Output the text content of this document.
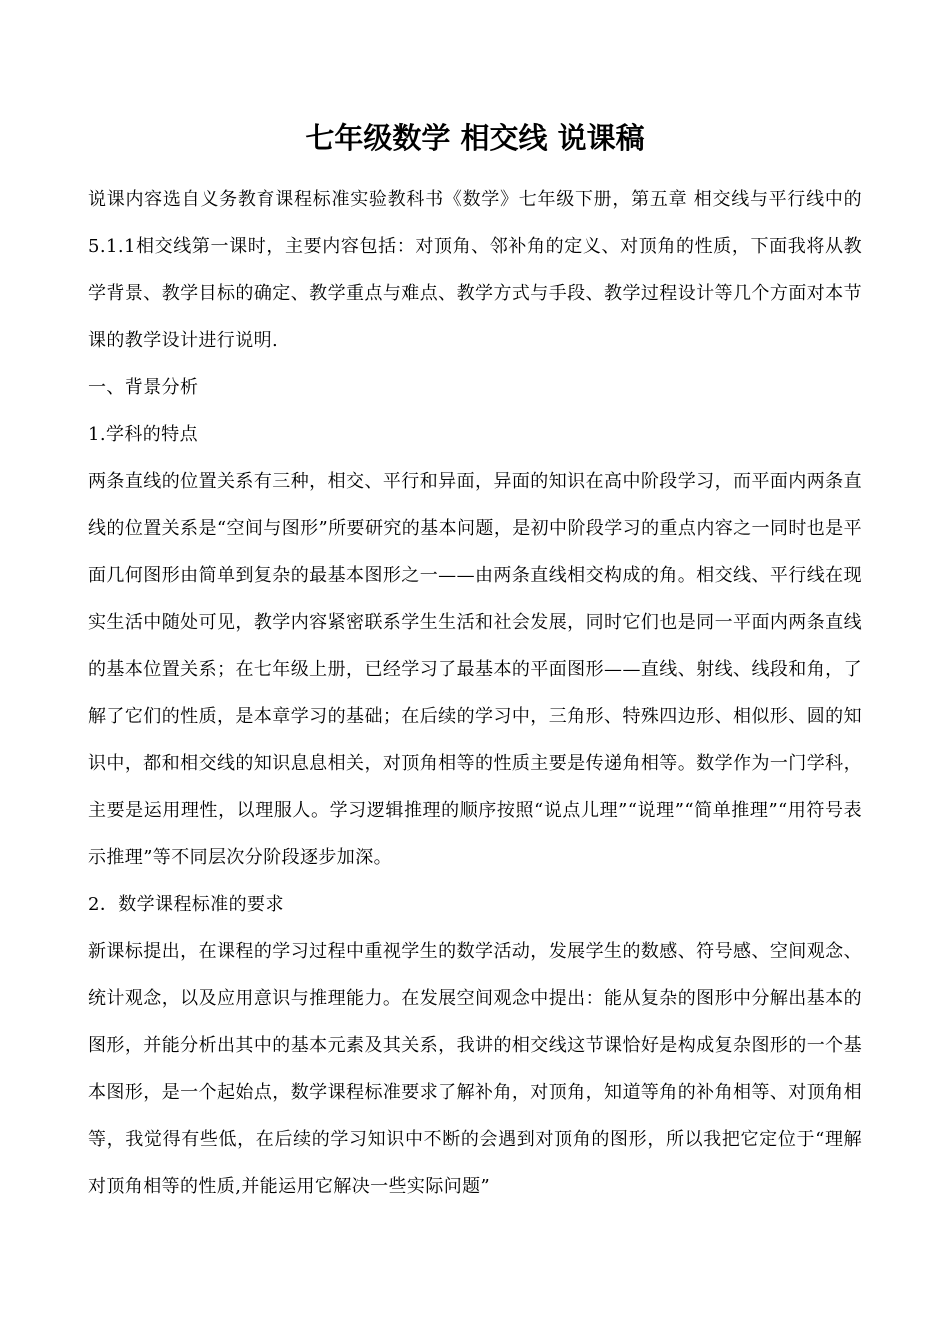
七年级数学 相交线 说课稿

说课内容选自义务教育课程标准实验教科书《数学》七年级下册，第五章 相交线与平行线中的5.1.1相交线第一课时，主要内容包括：对顶角、邻补角的定义、对顶角的性质，下面我将从教学背景、教学目标的确定、教学重点与难点、教学方式与手段、教学过程设计等几个方面对本节课的教学设计进行说明.

一、背景分析

1.学科的特点

两条直线的位置关系有三种，相交、平行和异面，异面的知识在高中阶段学习，而平面内两条直线的位置关系是“空间与图形”所要研究的基本问题，是初中阶段学习的重点内容之一同时也是平面几何图形由简单到复杂的最基本图形之一——由两条直线相交构成的角。相交线、平行线在现实生活中随处可见，教学内容紧密联系学生生活和社会发展，同时它们也是同一平面内两条直线的基本位置关系；在七年级上册，已经学习了最基本的平面图形——直线、射线、线段和角，了解了它们的性质，是本章学习的基础；在后续的学习中，三角形、特殊四边形、相似形、圆的知识中，都和相交线的知识息息相关，对顶角相等的性质主要是传递角相等。数学作为一门学科，主要是运用理性，以理服人。学习逻辑推理的顺序按照“说点儿理”“说理”“简单推理”“用符号表示推理”等不同层次分阶段逐步加深。

2．数学课程标准的要求

新课标提出，在课程的学习过程中重视学生的数学活动，发展学生的数感、符号感、空间观念、统计观念，以及应用意识与推理能力。在发展空间观念中提出：能从复杂的图形中分解出基本的图形，并能分析出其中的基本元素及其关系，我讲的相交线这节课恰好是构成复杂图形的一个基本图形，是一个起始点，数学课程标准要求了解补角，对顶角，知道等角的补角相等、对顶角相等，我觉得有些低，在后续的学习知识中不断的会遇到对顶角的图形，所以我把它定位于“理解对顶角相等的性质,并能运用它解决一些实际问题”
